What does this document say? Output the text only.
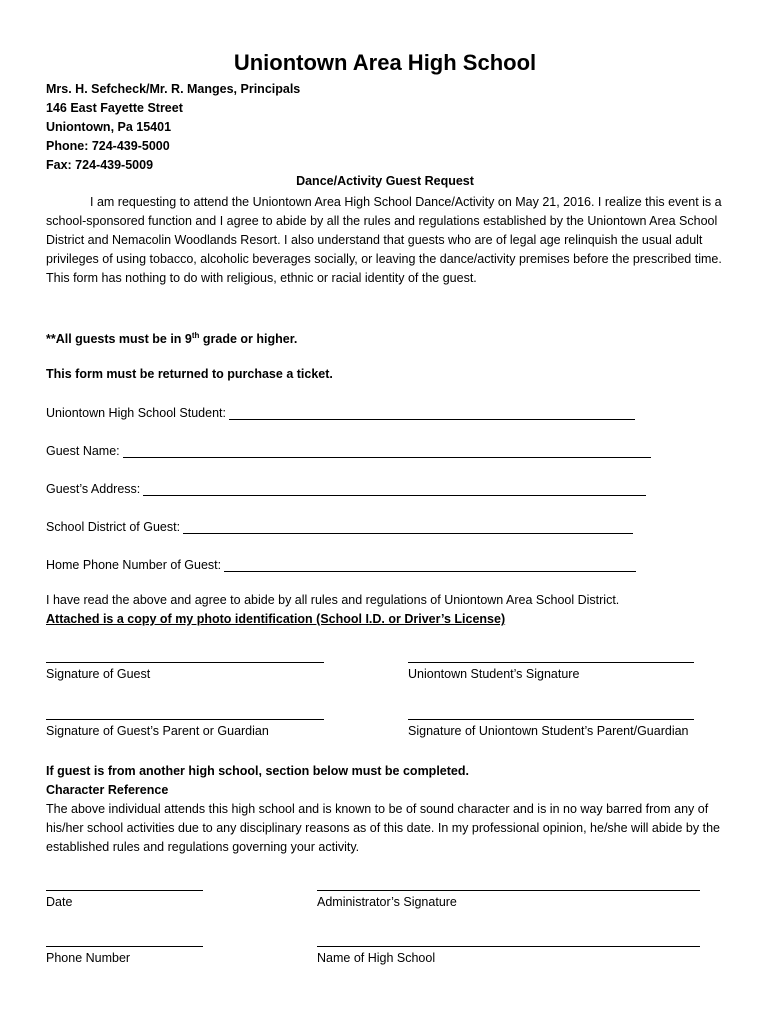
Uniontown Area High School
Mrs. H. Sefcheck/Mr. R. Manges, Principals
146 East Fayette Street
Uniontown, Pa 15401
Phone: 724-439-5000
Fax: 724-439-5009
Dance/Activity Guest Request

I am requesting to attend the Uniontown Area High School Dance/Activity on May 21, 2016. I realize this event is a school-sponsored function and I agree to abide by all the rules and regulations established by the Uniontown Area School District and Nemacolin Woodlands Resort. I also understand that guests who are of legal age relinquish the usual adult privileges of using tobacco, alcoholic beverages socially, or leaving the dance/activity premises before the prescribed time. This form has nothing to do with religious, ethnic or racial identity of the guest.

**All guests must be in 9th grade or higher.
This form must be returned to purchase a ticket.
Uniontown High School Student:
Guest Name:
Guest’s Address:
School District of Guest:
Home Phone Number of Guest:
I have read the above and agree to abide by all rules and regulations of Uniontown Area School District.
Attached is a copy of my photo identification (School I.D. or Driver’s License)
Signature of Guest	Uniontown Student’s Signature
Signature of Guest’s Parent or Guardian	Signature of Uniontown Student’s Parent/Guardian
If guest is from another high school, section below must be completed.
Character Reference

The above individual attends this high school and is known to be of sound character and is in no way barred from any of his/her school activities due to any disciplinary reasons as of this date. In my professional opinion, he/she will abide by the established rules and regulations governing your activity.

Date	Administrator’s Signature
Phone Number	Name of High School
